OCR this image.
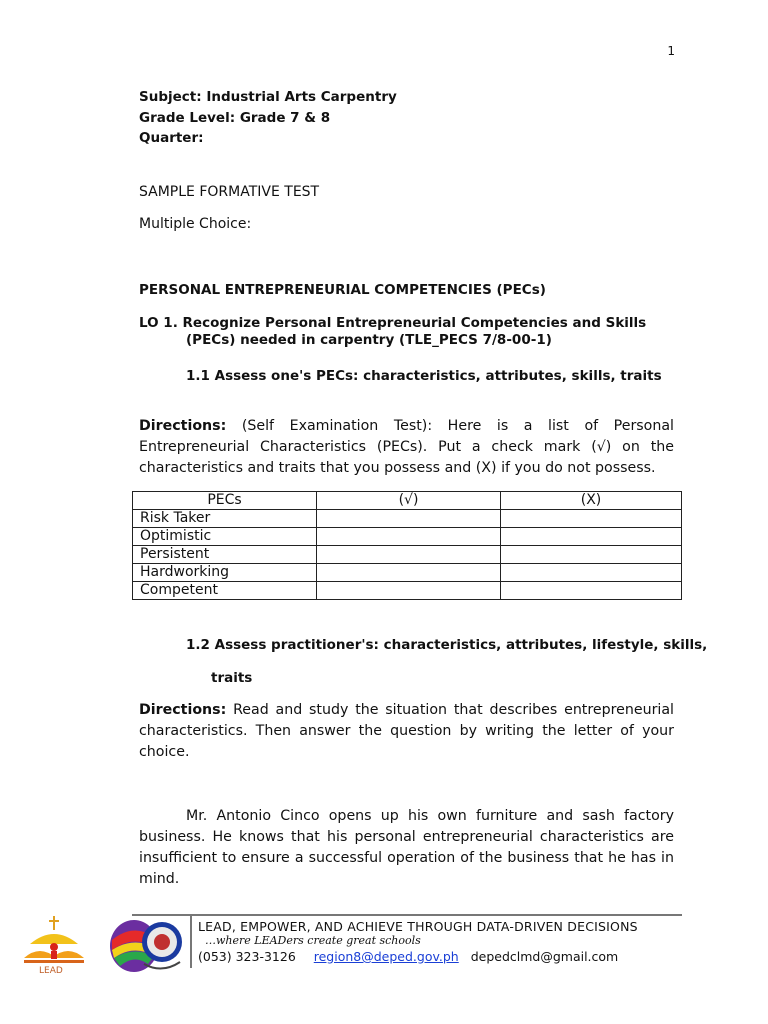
1
Subject: Industrial Arts Carpentry
Grade Level: Grade 7 & 8
Quarter:
SAMPLE FORMATIVE TEST
Multiple Choice:
PERSONAL ENTREPRENEURIAL COMPETENCIES (PECs)
LO 1. Recognize Personal Entrepreneurial Competencies and Skills
(PECs) needed in carpentry (TLE_PECS 7/8-00-1)
1.1 Assess one's PECs: characteristics, attributes, skills, traits
Directions: (Self Examination Test): Here is a list of Personal Entrepreneurial Characteristics (PECs). Put a check mark (√) on the characteristics and traits that you possess and (X) if you do not possess.
PECs	(√)	(X)
Risk Taker		
Optimistic		
Persistent		
Hardworking		
Competent		
1.2 Assess practitioner's: characteristics, attributes, lifestyle, skills,
traits
Directions: Read and study the situation that describes entrepreneurial characteristics. Then answer the question by writing the letter of your choice.
Mr. Antonio Cinco opens up his own furniture and sash factory business. He knows that his personal entrepreneurial characteristics are insufficient to ensure a successful operation of the business that he has in mind.
LEAD
LEAD, EMPOWER, AND ACHIEVE THROUGH DATA-DRIVEN DECISIONS
…where LEADers create great schools
(053) 323-3126 region8@deped.gov.ph depedclmd@gmail.com
